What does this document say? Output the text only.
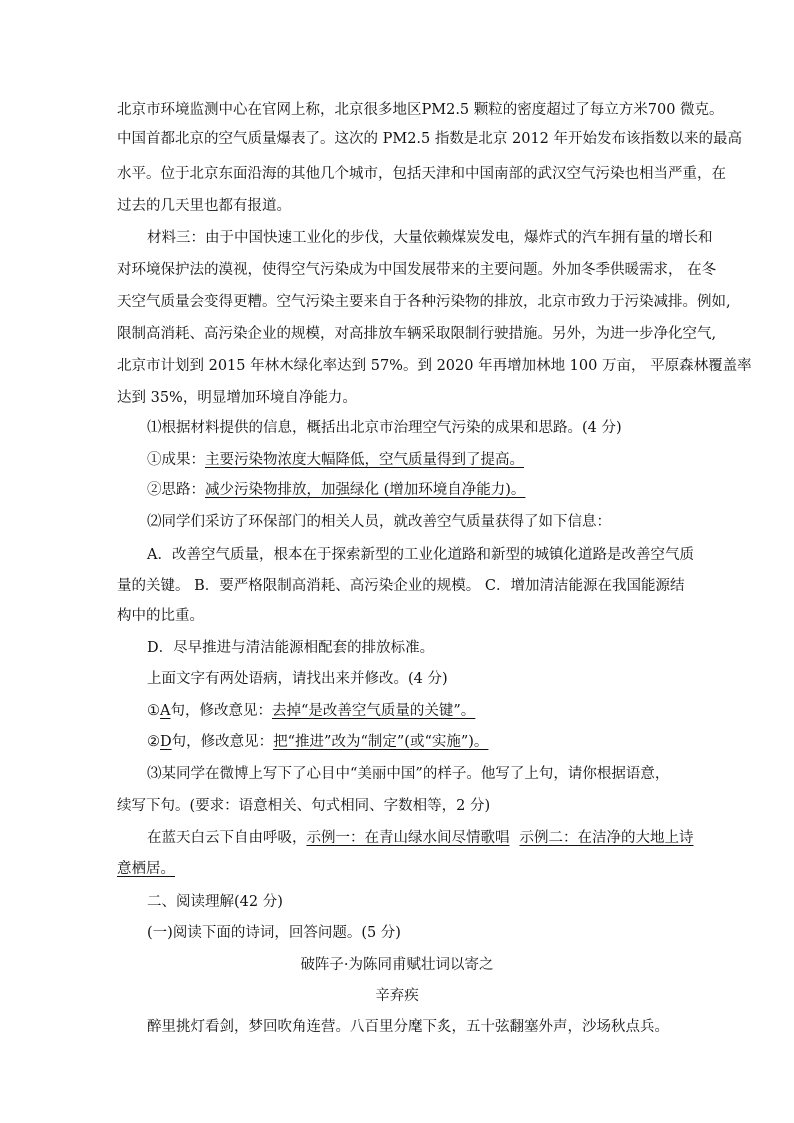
北京市环境监测中心在官网上称，北京很多地区PM2.5 颗粒的密度超过了每立方米700 微克。
中国首都北京的空气质量爆表了。这次的 PM2.5 指数是北京 2012 年开始发布该指数以来的最高
水平。位于北京东面沿海的其他几个城市，包括天津和中国南部的武汉空气污染也相当严重，在
过去的几天里也都有报道。
材料三：由于中国快速工业化的步伐，大量依赖煤炭发电，爆炸式的汽车拥有量的增长和
对环境保护法的漠视，使得空气污染成为中国发展带来的主要问题。外加冬季供暖需求， 在冬
天空气质量会变得更糟。空气污染主要来自于各种污染物的排放，北京市致力于污染减排。例如,
限制高消耗、高污染企业的规模，对高排放车辆采取限制行驶措施。另外，为进一步净化空气,
北京市计划到 2015 年林木绿化率达到 57%。到 2020 年再增加林地 100 万亩， 平原森林覆盖率
达到 35%，明显增加环境自净能力。
⑴根据材料提供的信息，概括出北京市治理空气污染的成果和思路。(4 分)
①成果：主要污染物浓度大幅降低，空气质量得到了提高。
②思路：减少污染物排放，加强绿化 (增加环境自净能力)。
⑵同学们采访了环保部门的相关人员，就改善空气质量获得了如下信息：
A．改善空气质量，根本在于探索新型的工业化道路和新型的城镇化道路是改善空气质
量的关键。 B．要严格限制高消耗、高污染企业的规模。 C．增加清洁能源在我国能源结
构中的比重。
D．尽早推进与清洁能源相配套的排放标准。
上面文字有两处语病，请找出来并修改。(4 分)
①A句，修改意见：去掉“是改善空气质量的关键”。
②D句，修改意见：把“推进”改为“制定”(或“实施”)。
⑶某同学在微博上写下了心目中“美丽中国”的样子。他写了上句，请你根据语意，
续写下句。(要求：语意相关、句式相同、字数相等，2 分)
在蓝天白云下自由呼吸，示例一：在青山绿水间尽情歌唱 示例二：在洁净的大地上诗
意栖居。
二、阅读理解(42 分)
(一)阅读下面的诗词，回答问题。(5 分)
破阵子·为陈同甫赋壮词以寄之
辛弃疾
醉里挑灯看剑，梦回吹角连营。八百里分麾下炙，五十弦翻塞外声，沙场秋点兵。
